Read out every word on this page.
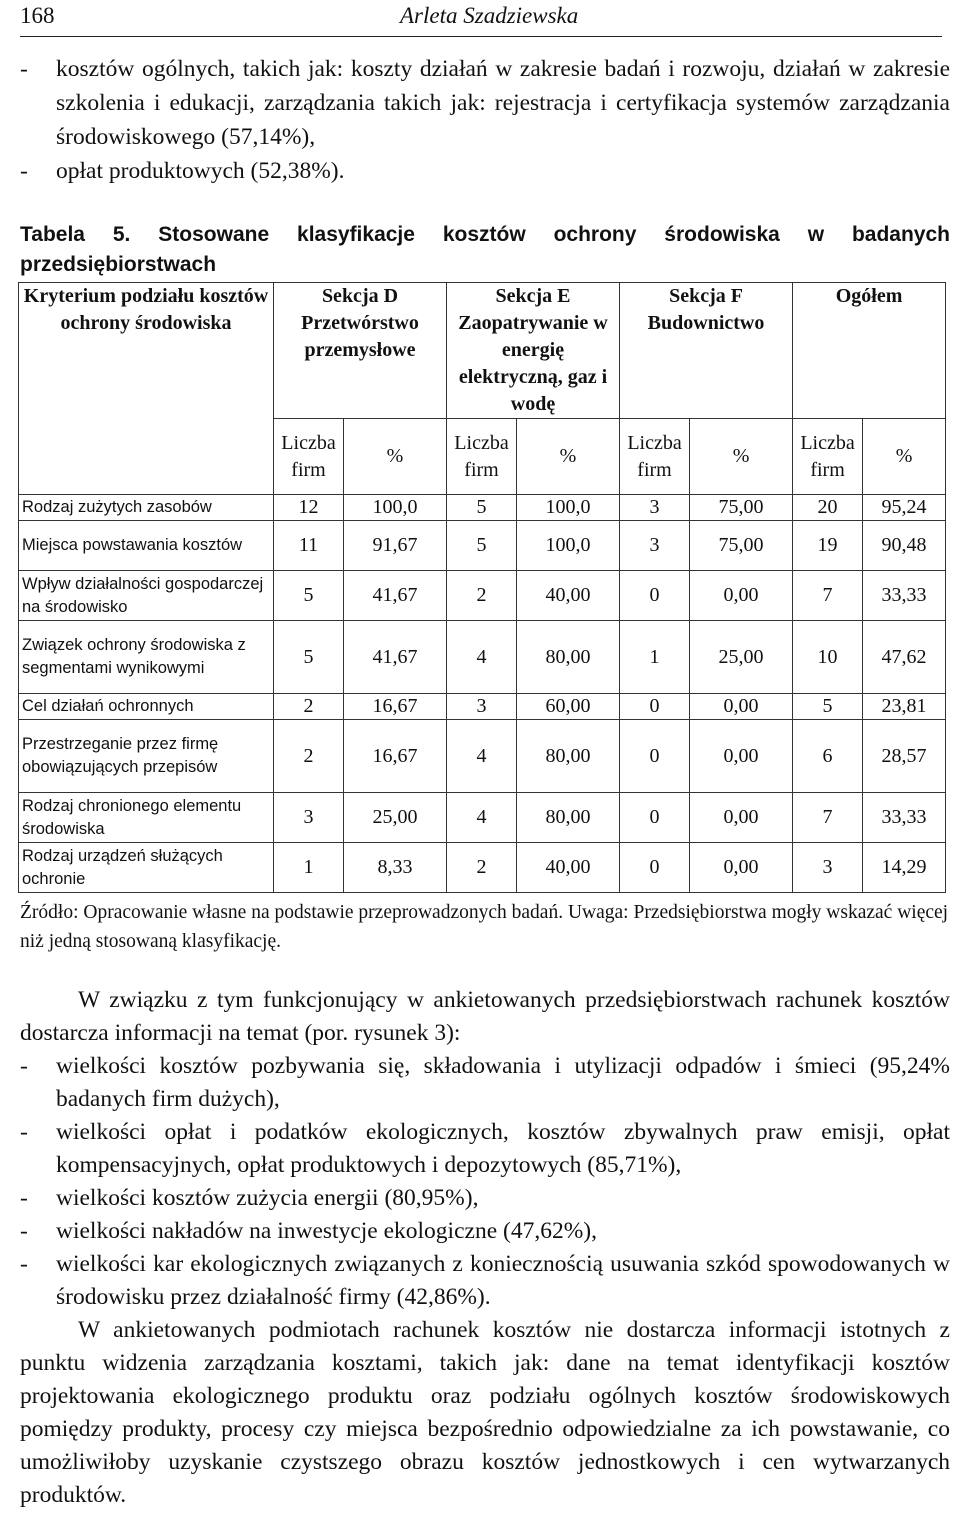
168	Arleta Szadziewska
- kosztów ogólnych, takich jak: koszty działań w zakresie badań i rozwoju, działań w zakresie szkolenia i edukacji, zarządzania takich jak: rejestracja i certyfikacja systemów zarządzania środowiskowego (57,14%),
- opłat produktowych (52,38%).
Tabela 5. Stosowane klasyfikacje kosztów ochrony środowiska w badanych przedsiębiorstwach
Kryterium podziału kosztów ochrony środowiska	Sekcja D Przetwórstwo przemysłowe		Sekcja E Zaopatrywanie w energię elektryczną, gaz i wodę		Sekcja F Budownictwo		Ogółem	
	Liczba firm	%	Liczba firm	%	Liczba firm	%	Liczba firm	%
Rodzaj zużytych zasobów	12	100,0	5	100,0	3	75,00	20	95,24
Miejsca powstawania kosztów	11	91,67	5	100,0	3	75,00	19	90,48
Wpływ działalności gospodarczej na środowisko	5	41,67	2	40,00	0	0,00	7	33,33
Związek ochrony środowiska z segmentami wynikowymi	5	41,67	4	80,00	1	25,00	10	47,62
Cel działań ochronnych	2	16,67	3	60,00	0	0,00	5	23,81
Przestrzeganie przez firmę obowiązujących przepisów	2	16,67	4	80,00	0	0,00	6	28,57
Rodzaj chronionego elementu środowiska	3	25,00	4	80,00	0	0,00	7	33,33
Rodzaj urządzeń służących ochronie	1	8,33	2	40,00	0	0,00	3	14,29
Źródło: Opracowanie własne na podstawie przeprowadzonych badań. Uwaga: Przedsiębiorstwa mogły wskazać więcej niż jedną stosowaną klasyfikację.
W związku z tym funkcjonujący w ankietowanych przedsiębiorstwach rachunek kosztów dostarcza informacji na temat (por. rysunek 3):
- wielkości kosztów pozbywania się, składowania i utylizacji odpadów i śmieci (95,24% badanych firm dużych),
- wielkości opłat i podatków ekologicznych, kosztów zbywalnych praw emisji, opłat kompensacyjnych, opłat produktowych i depozytowych (85,71%),
- wielkości kosztów zużycia energii (80,95%),
- wielkości nakładów na inwestycje ekologiczne (47,62%),
- wielkości kar ekologicznych związanych z koniecznością usuwania szkód spowodowanych w środowisku przez działalność firmy (42,86%).
W ankietowanych podmiotach rachunek kosztów nie dostarcza informacji istotnych z punktu widzenia zarządzania kosztami, takich jak: dane na temat identyfikacji kosztów projektowania ekologicznego produktu oraz podziału ogólnych kosztów środowiskowych pomiędzy produkty, procesy czy miejsca bezpośrednio odpowiedzialne za ich powstawanie, co umożliwiłoby uzyskanie czystszego obrazu kosztów jednostkowych i cen wytwarzanych produktów.
